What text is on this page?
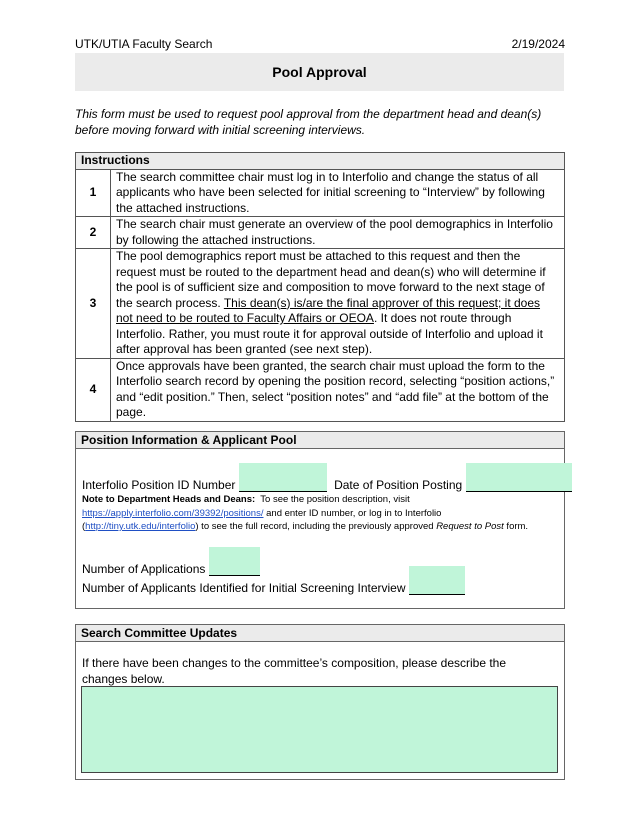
UTK/UTIA Faculty Search	2/19/2024
Pool Approval
This form must be used to request pool approval from the department head and dean(s) before moving forward with initial screening interviews.
Instructions	
1	The search committee chair must log in to Interfolio and change the status of all applicants who have been selected for initial screening to “Interview” by following the attached instructions.
2	The search chair must generate an overview of the pool demographics in Interfolio by following the attached instructions.
3	The pool demographics report must be attached to this request and then the request must be routed to the department head and dean(s) who will determine if the pool is of sufficient size and composition to move forward to the next stage of the search process. This dean(s) is/are the final approver of this request; it does not need to be routed to Faculty Affairs or OEOA. It does not route through Interfolio. Rather, you must route it for approval outside of Interfolio and upload it after approval has been granted (see next step).
4	Once approvals have been granted, the search chair must upload the form to the Interfolio search record by opening the position record, selecting “position actions,” and “edit position.” Then, select “position notes” and “add file” at the bottom of the page.
Position Information & Applicant Pool
Interfolio Position ID Number	Date of Position Posting
Note to Department Heads and Deans: To see the position description, visit https://apply.interfolio.com/39392/positions/ and enter ID number, or log in to Interfolio (http://tiny.utk.edu/interfolio) to see the full record, including the previously approved Request to Post form.
Number of Applications
Number of Applicants Identified for Initial Screening Interview
Search Committee Updates
If there have been changes to the committee’s composition, please describe the changes below.
